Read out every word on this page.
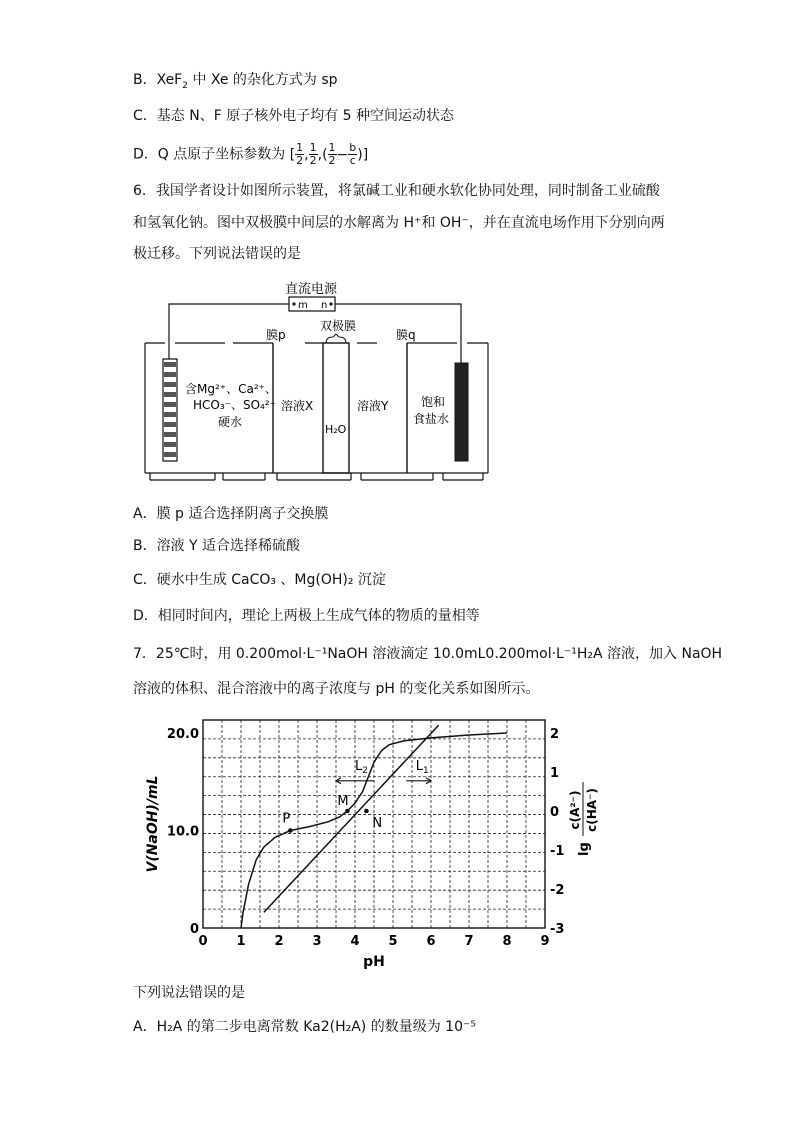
B．XeF$_2$ 中 Xe 的杂化方式为 sp
C．基态 N、F 原子核外电子均有 5 种空间运动状态
D．Q 点原子坐标参数为 [ $\frac{1}{2}$ , $\frac{1}{2}$ ,( $\frac{1}{2} - \frac{b}{c}$ )]
6．我国学者设计如图所示装置，将氯碱工业和硬水软化协同处理，同时制备工业硫酸
和氢氧化钠。图中双极膜中间层的水解离为 H⁺和 OH⁻，并在直流电场作用下分别向两
极迁移。下列说法错误的是
直流电源
m n
膜p
双极膜
膜q
含Mg²⁺、Ca²⁺、
HCO₃⁻、SO₄²⁻
硬水
溶液X
H₂O
溶液Y	饱和
食盐水
A．膜 p 适合选择阴离子交换膜
B．溶液 Y 适合选择稀硫酸
C．硬水中生成 CaCO₃ 、Mg(OH)₂ 沉淀
D．相同时间内，理论上两极上生成气体的物质的量相等
7．25℃时，用 0.200mol·L⁻¹NaOH 溶液滴定 10.0mL0.200mol·L⁻¹H₂A 溶液，加入 NaOH
溶液的体积、混合溶液中的离子浓度与 pH 的变化关系如图所示。
0 1 2 3 4 5 6 7 8 9
0
10.0
20.0
-3
-2
-1
0
1
2
P
M
N
$L_2$	$L_1$
pH
V(NaOH)/mL	lg
c(A²⁻) c(HA⁻)
下列说法错误的是
A．H₂A 的第二步电离常数 Ka2(H₂A) 的数量级为 10⁻⁵
